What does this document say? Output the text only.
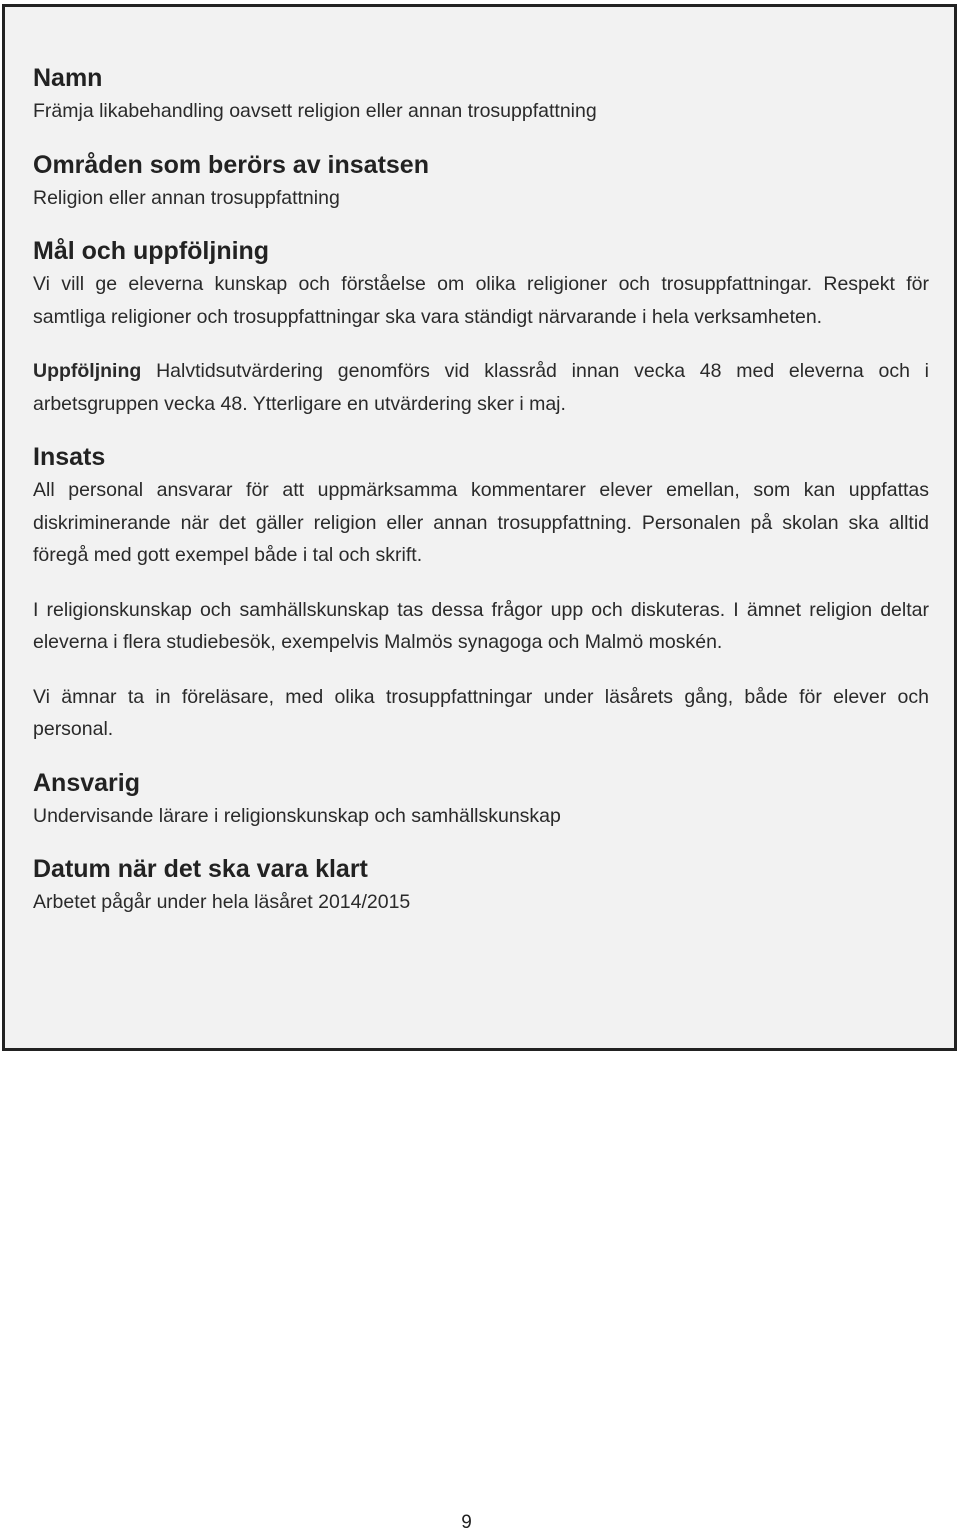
Namn

Främja likabehandling oavsett religion eller annan trosuppfattning

Områden som berörs av insatsen

Religion eller annan trosuppfattning

Mål och uppföljning

Vi vill ge eleverna kunskap och förståelse om olika religioner och trosuppfattningar. Respekt för samtliga religioner och trosuppfattningar ska vara ständigt närvarande i hela verksamheten.

Uppföljning Halvtidsutvärdering genomförs vid klassråd innan vecka 48 med eleverna och i arbetsgruppen vecka 48. Ytterligare en utvärdering sker i maj.

Insats

All personal ansvarar för att uppmärksamma kommentarer elever emellan, som kan uppfattas diskriminerande när det gäller religion eller annan trosuppfattning. Personalen på skolan ska alltid föregå med gott exempel både i tal och skrift.

I religionskunskap och samhällskunskap tas dessa frågor upp och diskuteras. I ämnet religion deltar eleverna i flera studiebesök, exempelvis Malmös synagoga och Malmö moskén.

Vi ämnar ta in föreläsare, med olika trosuppfattningar under läsårets gång, både för elever och personal.

Ansvarig

Undervisande lärare i religionskunskap och samhällskunskap

Datum när det ska vara klart

Arbetet pågår under hela läsåret 2014/2015

9
